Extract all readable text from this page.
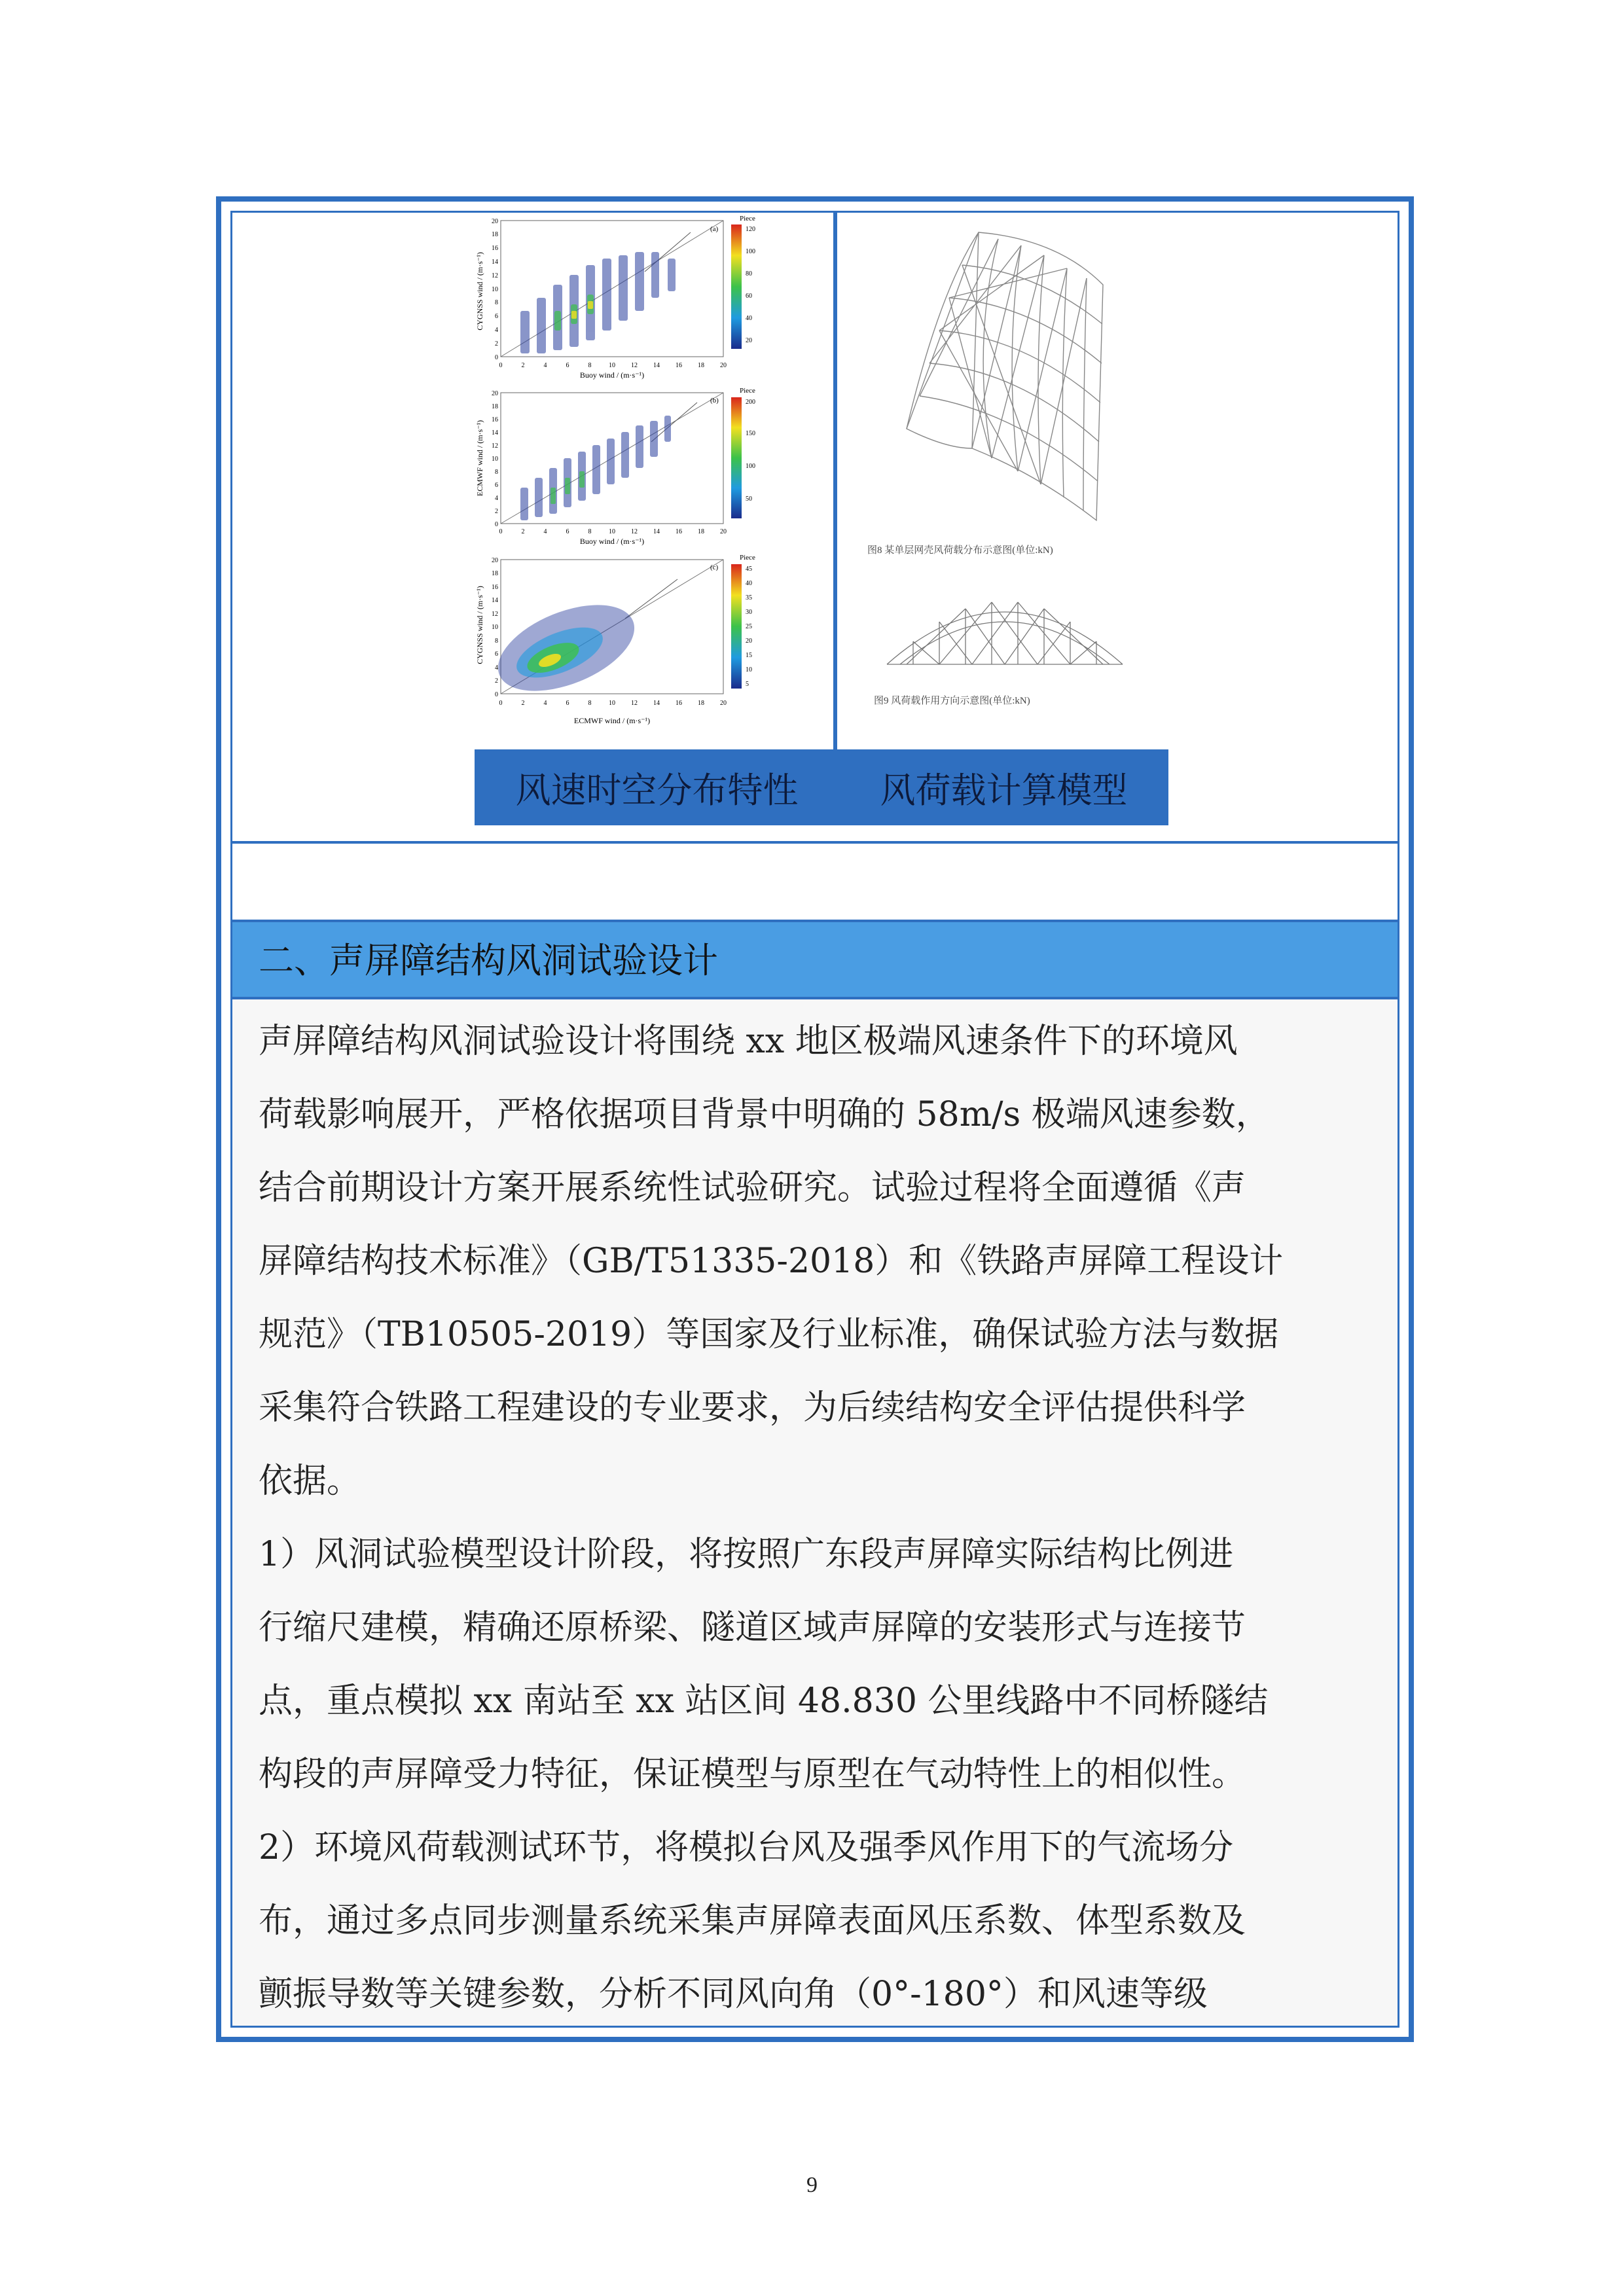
CYGNSS wind / (m·s⁻¹)
Buoy wind / (m·s⁻¹)
(a)
Piece
120
100
80
60
40
20
0	2	4	6	8	10 12 14 16 18 20
0
2
4
6
8
10
12
14
16
18
20
ECMWF wind / (m·s⁻¹)
Buoy wind / (m·s⁻¹)
(b)
Piece
200
150
100
50
0	2	4	6	8	10 12 14 16 18 20
0
2
4
6
8
10
12
14
16
18
20
CYGNSS wind / (m·s⁻¹)
ECMWF wind / (m·s⁻¹)
(c)
Piece
45
40
35
30
25
20
15
10
5
0	2	4	6	8	10 12 14 16 18 20
0
2
4
6
8
10
12
14
16
18
20
图8 某单层网壳风荷载分布示意图(单位:kN)
图9 风荷载作用方向示意图(单位:kN)
风速时空分布特性 风荷载计算模型
二、声屏障结构风洞试验设计

声屏障结构风洞试验设计将围绕 xx 地区极端风速条件下的环境风

荷载影响展开，严格依据项目背景中明确的 58m/s 极端风速参数，

结合前期设计方案开展系统性试验研究。试验过程将全面遵循《声

屏障结构技术标准》（GB/T51335-2018）和《铁路声屏障工程设计

规范》（TB10505-2019）等国家及行业标准，确保试验方法与数据

采集符合铁路工程建设的专业要求，为后续结构安全评估提供科学

依据。

1）风洞试验模型设计阶段，将按照广东段声屏障实际结构比例进

行缩尺建模，精确还原桥梁、隧道区域声屏障的安装形式与连接节

点，重点模拟 xx 南站至 xx 站区间 48.830 公里线路中不同桥隧结

构段的声屏障受力特征，保证模型与原型在气动特性上的相似性。

2）环境风荷载测试环节，将模拟台风及强季风作用下的气流场分

布，通过多点同步测量系统采集声屏障表面风压系数、体型系数及

颤振导数等关键参数，分析不同风向角（0°-180°）和风速等级

9
